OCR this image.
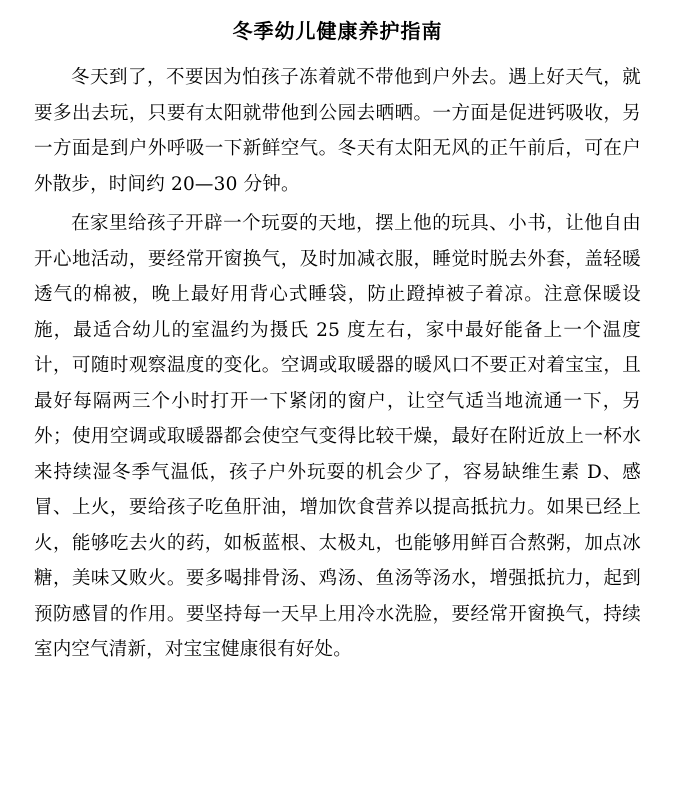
冬季幼儿健康养护指南

冬天到了，不要因为怕孩子冻着就不带他到户外去。遇上好天气，就要多出去玩，只要有太阳就带他到公园去晒晒。一方面是促进钙吸收，另一方面是到户外呼吸一下新鲜空气。冬天有太阳无风的正午前后，可在户外散步，时间约 20—30 分钟。

在家里给孩子开辟一个玩耍的天地，摆上他的玩具、小书，让他自由开心地活动，要经常开窗换气，及时加减衣服，睡觉时脱去外套，盖轻暖透气的棉被，晚上最好用背心式睡袋，防止蹬掉被子着凉。注意保暖设施，最适合幼儿的室温约为摄氏 25 度左右，家中最好能备上一个温度计，可随时观察温度的变化。空调或取暖器的暖风口不要正对着宝宝，且最好每隔两三个小时打开一下紧闭的窗户，让空气适当地流通一下，另外；使用空调或取暖器都会使空气变得比较干燥，最好在附近放上一杯水来持续湿冬季气温低，孩子户外玩耍的机会少了，容易缺维生素 D、感冒、上火，要给孩子吃鱼肝油，增加饮食营养以提高抵抗力。如果已经上火，能够吃去火的药，如板蓝根、太极丸，也能够用鲜百合熬粥，加点冰糖，美味又败火。要多喝排骨汤、鸡汤、鱼汤等汤水，增强抵抗力，起到预防感冒的作用。要坚持每一天早上用冷水洗脸，要经常开窗换气，持续室内空气清新，对宝宝健康很有好处。
